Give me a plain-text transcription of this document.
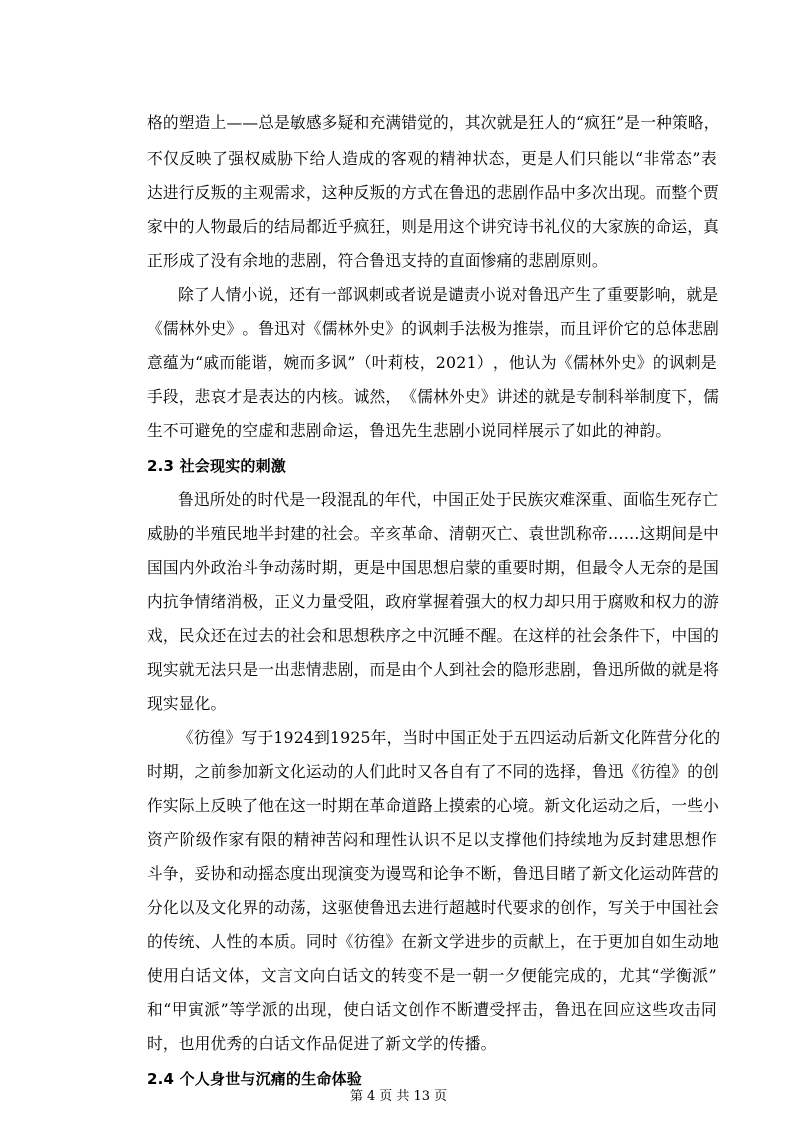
格 的 塑 造 上 — — 总 是 敏 感 多 疑 和 充 满 错 觉 的 ， 其 次 就 是 狂 人 的 “ 疯 狂 ” 是 一 种 策 略 ，

不 仅 反 映 了 强 权 威 胁 下 给 人 造 成 的 客 观 的 精 神 状 态 ， 更 是 人 们 只 能 以 “ 非 常 态 ” 表

达 进 行 反 叛 的 主 观 需 求 ， 这 种 反 叛 的 方 式 在 鲁 迅 的 悲 剧 作 品 中 多 次 出 现 。 而 整 个 贾

家 中 的 人 物 最 后 的 结 局 都 近 乎 疯 狂 ， 则 是 用 这 个 讲 究 诗 书 礼 仪 的 大 家 族 的 命 运 ， 真

正形成了没有余地的悲剧，符合鲁迅支持的直面惨痛的悲剧原则。

除 了 人 情 小 说 ， 还 有 一 部 讽 刺 或 者 说 是 谴 责 小 说 对 鲁 迅 产 生 了 重 要 影 响 ， 就 是

《 儒 林 外 史 》 。 鲁 迅 对 《 儒 林 外 史 》 的 讽 刺 手 法 极 为 推 崇 ， 而 且 评 价 它 的 总 体 悲 剧

意 蕴 为 “ 戚 而 能 谐 ， 婉 而 多 讽 ” （ 叶 莉 枝 ， 2 0 2 1 ） ， 他 认 为 《 儒 林 外 史 》 的 讽 刺 是

手 段 ， 悲 哀 才 是 表 达 的 内 核 。 诚 然 ， 《 儒 林 外 史 》 讲 述 的 就 是 专 制 科 举 制 度 下 ， 儒

生不可避免的空虚和悲剧命运，鲁迅先生悲剧小说同样展示了如此的神韵。

2.3 社会现实的刺激

鲁 迅 所 处 的 时 代 是 一 段 混 乱 的 年 代 ， 中 国 正 处 于 民 族 灾 难 深 重 、 面 临 生 死 存 亡

威 胁 的 半 殖 民 地 半 封 建 的 社 会 。 辛 亥 革 命 、 清 朝 灭 亡 、 袁 世 凯 称 帝 … … 这 期 间 是 中

国 国 内 外 政 治 斗 争 动 荡 时 期 ， 更 是 中 国 思 想 启 蒙 的 重 要 时 期 ， 但 最 令 人 无 奈 的 是 国

内 抗 争 情 绪 消 极 ， 正 义 力 量 受 阻 ， 政 府 掌 握 着 强 大 的 权 力 却 只 用 于 腐 败 和 权 力 的 游

戏 ， 民 众 还 在 过 去 的 社 会 和 思 想 秩 序 之 中 沉 睡 不 醒 。 在 这 样 的 社 会 条 件 下 ， 中 国 的

现 实 就 无 法 只 是 一 出 悲 情 悲 剧 ， 而 是 由 个 人 到 社 会 的 隐 形 悲 剧 ， 鲁 迅 所 做 的 就 是 将

现实显化。

《 彷 徨 》 写 于 1 9 2 4 到 1 9 2 5 年 ， 当 时 中 国 正 处 于 五 四 运 动 后 新 文 化 阵 营 分 化 的

时 期 ， 之 前 参 加 新 文 化 运 动 的 人 们 此 时 又 各 自 有 了 不 同 的 选 择 ， 鲁 迅 《 彷 徨 》 的 创

作 实 际 上 反 映 了 他 在 这 一 时 期 在 革 命 道 路 上 摸 索 的 心 境 。 新 文 化 运 动 之 后 ， 一 些 小

资 产 阶 级 作 家 有 限 的 精 神 苦 闷 和 理 性 认 识 不 足 以 支 撑 他 们 持 续 地 为 反 封 建 思 想 作

斗 争 ， 妥 协 和 动 摇 态 度 出 现 演 变 为 谩 骂 和 论 争 不 断 ， 鲁 迅 目 睹 了 新 文 化 运 动 阵 营 的

分 化 以 及 文 化 界 的 动 荡 ， 这 驱 使 鲁 迅 去 进 行 超 越 时 代 要 求 的 创 作 ， 写 关 于 中 国 社 会

的 传 统 、 人 性 的 本 质 。 同 时 《 彷 徨 》 在 新 文 学 进 步 的 贡 献 上 ， 在 于 更 加 自 如 生 动 地

使 用 白 话 文 体 ， 文 言 文 向 白 话 文 的 转 变 不 是 一 朝 一 夕 便 能 完 成 的 ， 尤 其 “ 学 衡 派 ”

和 “ 甲 寅 派 ” 等 学 派 的 出 现 ， 使 白 话 文 创 作 不 断 遭 受 抨 击 ， 鲁 迅 在 回 应 这 些 攻 击 同

时，也用优秀的白话文作品促进了新文学的传播。

2.4 个人身世与沉痛的生命体验

第 4 页 共 13 页
